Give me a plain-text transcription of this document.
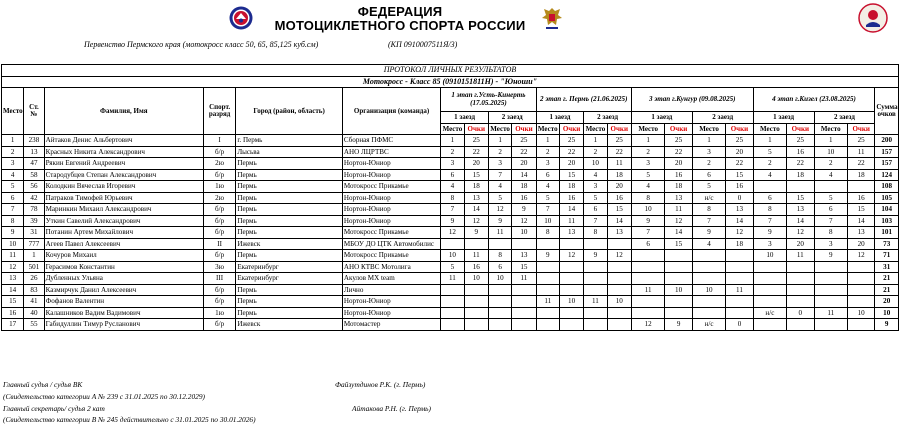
ФЕДЕРАЦИЯ
МОТОЦИКЛЕТНОГО СПОРТА РОССИИ
Первенство Пермского края (мотокросс класс 50, 65, 85,125 куб.см)	(КП 0910007511Я/3)
ПРОТОКОЛ ЛИЧНЫХ РЕЗУЛЬТАТОВ																						
Мотокросс - Класс 85 (0910151811Н) - "Юноши"																						
Место	Ст. №	Фамилия, Имя	Спорт. разряд	Город (район, область)	Организация (команда)	1 этап г.Усть-Кинерть (17.05.2025)				2 этап г. Пермь (21.06.2025)				3 этап г.Кунгур (09.08.2025)				4 этап г.Кизел (23.08.2025)				Сумма очков
						1 заезд		2 заезд		1 заезд		2 заезд		1 заезд		2 заезд		1 заезд		2 заезд		
						Место	Очки	Место	Очки	Место	Очки	Место	Очки	Место	Очки	Место	Очки	Место	Очки	Место	Очки	
1	238	Айтаков Денис Альбертович	I	г. Пермь	Сборная ПФМС	1	25	1	25	1	25	1	25	1	25	1	25	1	25	1	25	200
2	13	Красных Никита Александрович	б/р	Лысьва	АНО ЛЦРТВС	2	22	2	22	2	22	2	22	2	22	3	20	5	16	10	11	157
3	47	Рякин Евгений Андреевич	2ю	Пермь	Нортон-Юниор	3	20	3	20	3	20	10	11	3	20	2	22	2	22	2	22	157
4	58	Стародубцев Степан Александрович	б/р	Пермь	Нортон-Юниор	6	15	7	14	6	15	4	18	5	16	6	15	4	18	4	18	124
5	56	Колодкин Вячеслав Игоревич	1ю	Пермь	Мотокросс Прикамье	4	18	4	18	4	18	3	20	4	18	5	16					108
6	42	Патраков Тимофей Юрьевич	2ю	Пермь	Нортон-Юниор	8	13	5	16	5	16	5	16	8	13	н/с	0	6	15	5	16	105
7	78	Маринкин Михаил Александрович	б/р	Пермь	Нортон-Юниор	7	14	12	9	7	14	6	15	10	11	8	13	8	13	6	15	104
8	39	Уткин Савелий Александрович	б/р	Пермь	Нортон-Юниор	9	12	9	12	10	11	7	14	9	12	7	14	7	14	7	14	103
9	31	Потанин Артем Михайлович	б/р	Пермь	Мотокросс Прикамье	12	9	11	10	8	13	8	13	7	14	9	12	9	12	8	13	101
10	777	Агеев Павел Алексеевич	II	Ижевск	МБОУ ДО ЦТК Автомобилис									6	15	4	18	3	20	3	20	73
11	1	Кочуров Михаил	б/р	Пермь	Мотокросс Прикамье	10	11	8	13	9	12	9	12					10	11	9	12	71
12	501	Герасимов Константин	3ю	Екатеринбург	АНО КТВС Мотолига	5	16	6	15													31
13	26	Дубленных Ульяна	III	Екатеринбург	Акулов MX team	11	10	10	11													21
14	83	Казмирчук Данил Алексеевич	б/р	Пермь	Лично									11	10	10	11					21
15	41	Фофанов Валентин	б/р	Пермь	Нортон-Юниор					11	10	11	10									20
16	40	Калашников Вадим Вадимович	1ю	Пермь	Нортон-Юниор													н/с	0	11	10	10
17	55	Габидуллин Тимур Русланович	б/р	Ижевск	Мотомастер									12	9	н/с	0					9
Главный судья / судья ВК	Файзутдинов Р.К. (г. Пермь)
(Свидетельство категории А № 239 с 31.01.2025 по 30.12.2029)
Главный секретарь/ судья 2 кат	Айтакова Р.Н. (г. Пермь)
(Свидетельство категории В № 245 действительно с 31.01.2025 по 30.01.2026)
